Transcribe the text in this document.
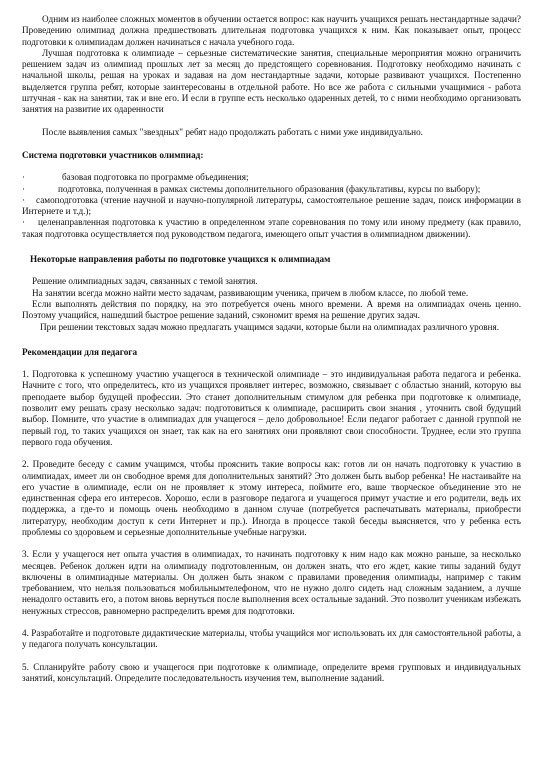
Одним из наиболее сложных моментов в обучении остается вопрос: как научить учащихся решать нестандартные задачи? Проведению олимпиад должна предшествовать длительная подготовка учащихся к ним. Как показывает опыт, процесс подготовки к олимпиадам должен начинаться с начала учебного года.

Лучшая подготовка к олимпиаде – серьезные систематические занятия, специальные мероприятия можно ограничить решением задач из олимпиад прошлых лет за месяц до предстоящего соревнования. Подготовку необходимо начинать с начальной школы, решая на уроках и задавая на дом нестандартные задачи, которые развивают учащихся. Постепенно выделяется группа ребят, которые заинтересованы в отдельной работе. Но все же работа с сильными учащимися - работа штучная - как на занятии, так и вне его. И если в группе есть несколько одаренных детей, то с ними необходимо организовать занятия на развитие их одаренности

После выявления самых "звездных" ребят надо продолжать работать с ними уже индивидуально.

Система подготовки участников олимпиад:

·	базовая подготовка по программе объединения;
·	подготовка, полученная в рамках системы дополнительного образования (факультативы, курсы по выбору);
·	самоподготовка (чтение научной и научно-популярной литературы, самостоятельное решение задач, поиск информации в Интернете и т.д.);
·	целенаправленная подготовка к участию в определенном этапе соревнования по тому или иному предмету (как правило, такая подготовка осуществляется под руководством педагога, имеющего опыт участия в олимпиадном движении).

Некоторые направления работы по подготовке учащихся к олимпиадам

Решение олимпиадных задач, связанных с темой занятия.

На занятии всегда можно найти место задачам, развивающим ученика, причем в любом классе, по любой теме.

Если выполнять действия по порядку, на это потребуется очень много времени. А время на олимпиадах очень ценно. Поэтому учащийся, нашедший быстрое решение заданий, сэкономит время на решение других задач.

При решении текстовых задач можно предлагать учащимся задачи, которые были на олимпиадах различного уровня.

Рекомендации для педагога

1. Подготовка к успешному участию учащегося в технической олимпиаде – это индивидуальная работа педагога и ребенка. Начните с того, что определитесь, кто из учащихся проявляет интерес, возможно, связывает с областью знаний, которую вы преподаете выбор будущей профессии. Это станет дополнительным стимулом для ребенка при подготовке к олимпиаде, позволит ему решать сразу несколько задач: подготовиться к олимпиаде, расширить свои знания , уточнить свой будущий выбор. Помните, что участие в олимпиадах для учащегося – дело добровольное! Если педагог работает с данной группой не первый год, то таких учащихся он знает, так как на его занятиях они проявляют свои способности. Труднее, если это группа первого года обучения.

2. Проведите беседу с самим учащимся, чтобы прояснить такие вопросы как: готов ли он начать подготовку к участию в олимпиадах, имеет ли он свободное время для дополнительных занятий? Это должен быть выбор ребенка! Не настаивайте на его участие в олимпиаде, если он не проявляет к этому интереса, поймите его, ваше творческое объединение это не единственная сфера его интересов. Хорошо, если в разговоре педагога и учащегося примут участие и его родители, ведь их поддержка, а где-то и помощь очень необходимо в данном случае (потребуется распечатывать материалы, приобрести литературу, необходим доступ к сети Интернет и пр.). Иногда в процессе такой беседы выясняется, что у ребенка есть проблемы со здоровьем и серьезные дополнительные учебные нагрузки.

3. Если у учащегося нет опыта участия в олимпиадах, то начинать подготовку к ним надо как можно раньше, за несколько месяцев. Ребенок должен идти на олимпиаду подготовленным, он должен знать, что его ждет, какие типы заданий будут включены в олимпиадные материалы. Он должен быть знаком с правилами проведения олимпиады, например с таким требованием, что нельзя пользоваться мобильнымтелефоном, что не нужно долго сидеть над сложным заданием, а лучше ненадолго оставить его, а потом вновь вернуться после выполнения всех остальные заданий. Это позволит ученикам избежать ненужных стрессов, равномерно распределить время для подготовки.

4. Разработайте и подготовьте дидактические материалы, чтобы учащийся мог использовать их для самостоятельной работы, а у педагога получать консультации.

5. Спланируйте работу свою и учащегося при подготовке к олимпиаде, определите время групповых и индивидуальных занятий, консультаций. Определите последовательность изучения тем, выполнение заданий.
